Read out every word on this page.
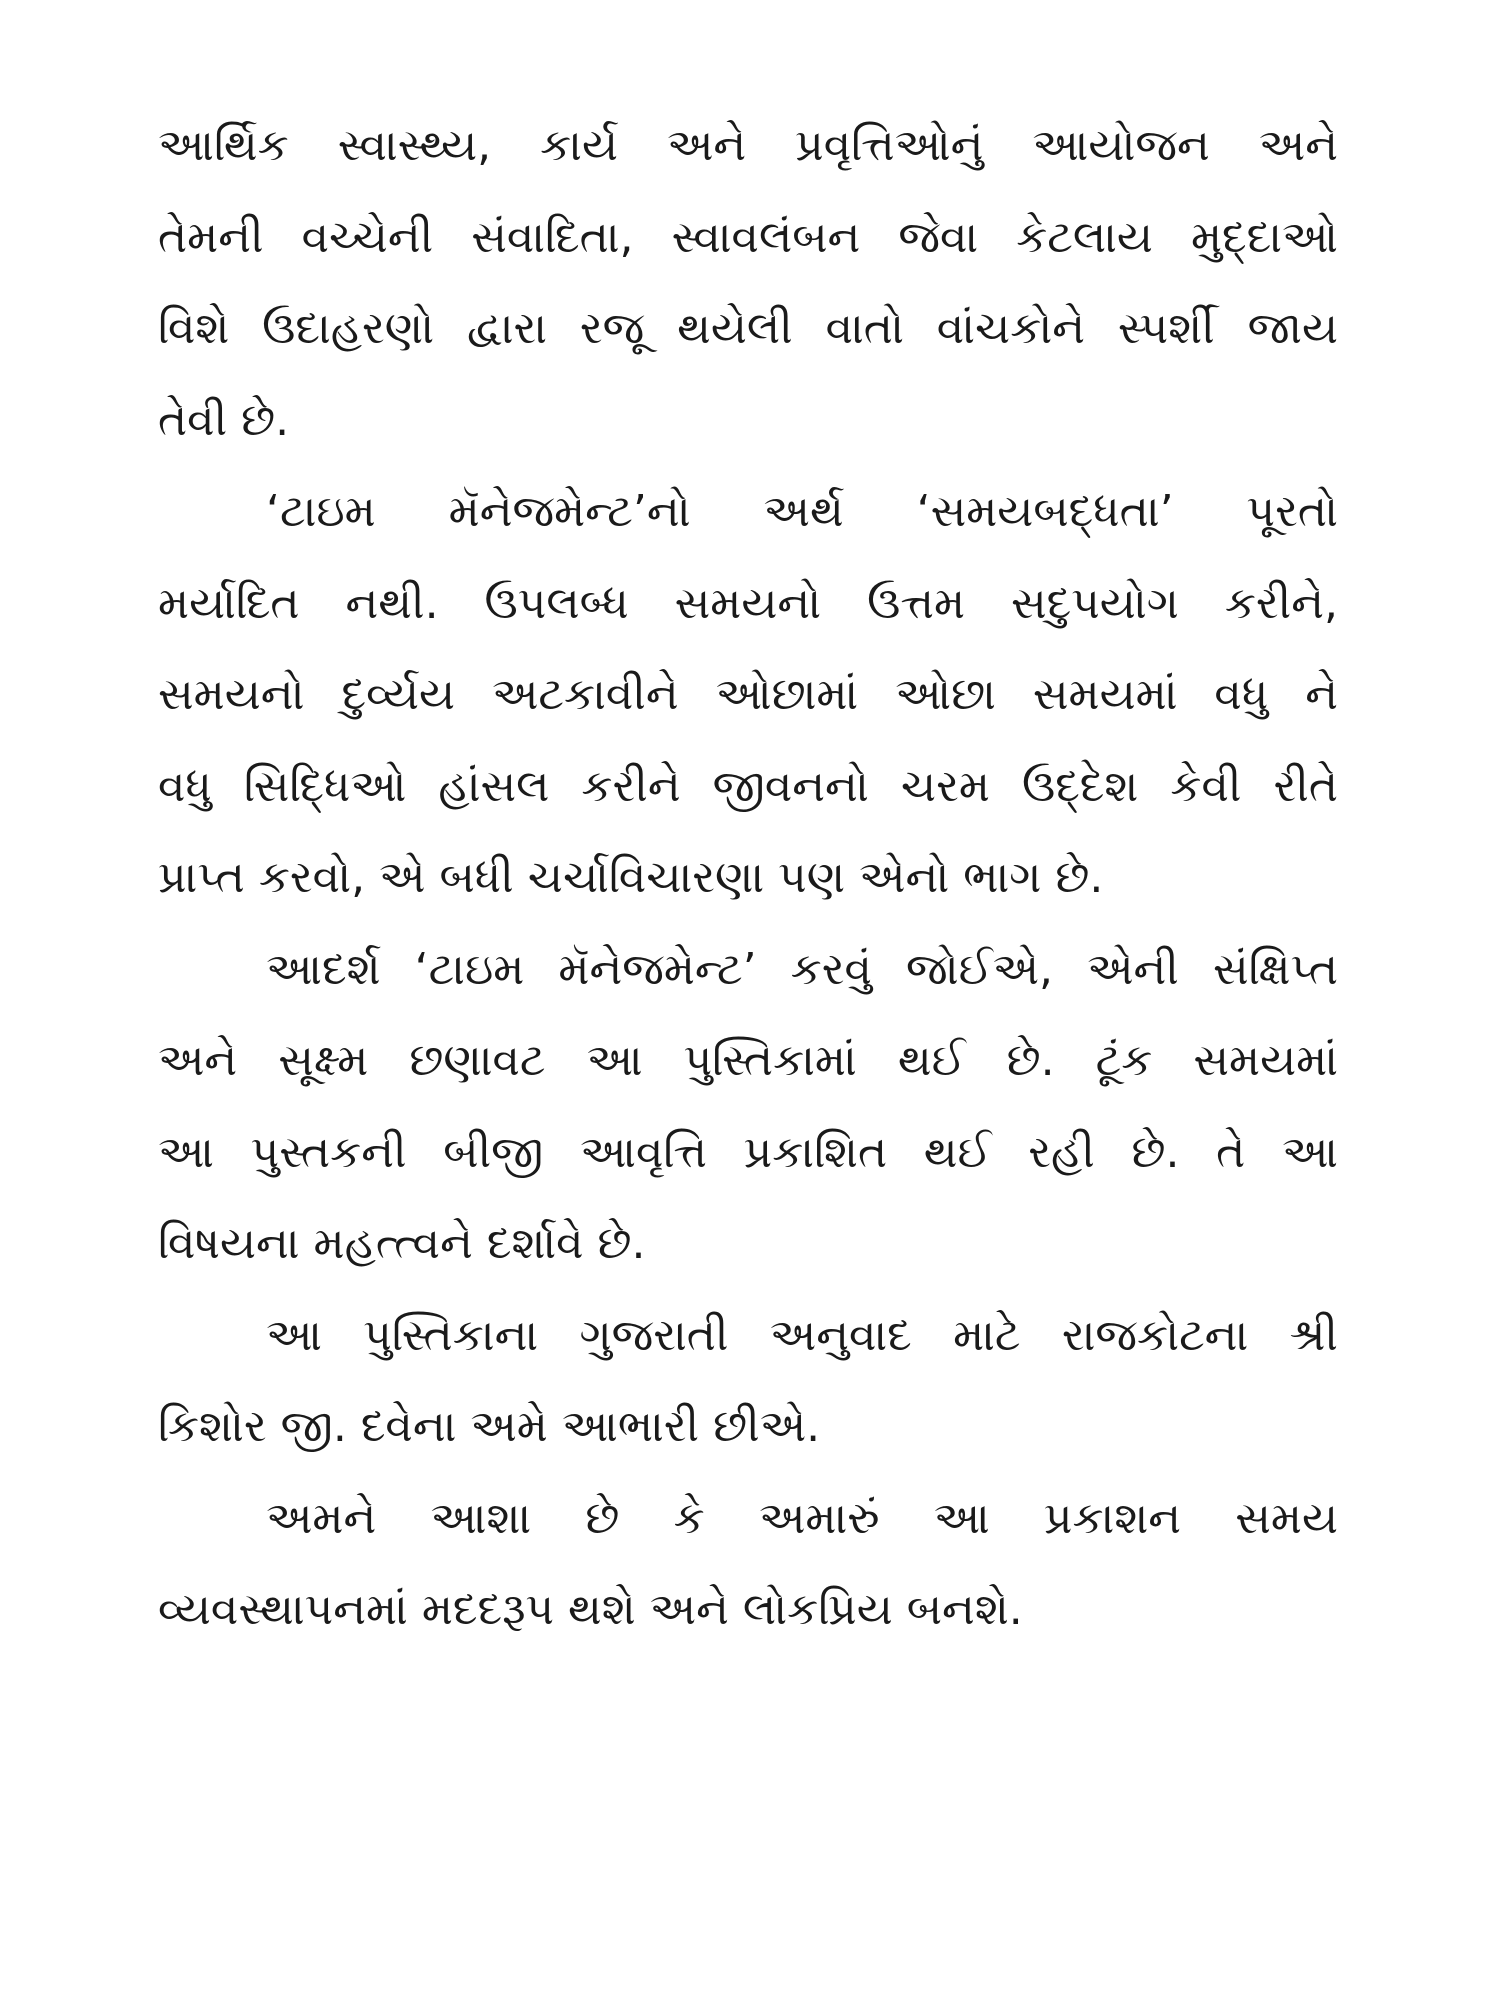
આર્થિક સ્વાસ્થ્ય, કાર્ય અને પ્રવૃત્તિઓનું આયોજન અને
તેમની વચ્ચેની સંવાદિતા, સ્વાવલંબન જેવા કેટલાય મુદ્દાઓ
વિશે ઉદાહરણો દ્વારા રજૂ થયેલી વાતો વાંચકોને સ્પર્શી જાય
તેવી છે.

‘ટાઇમ મૅનેજમેન્ટ’નો અર્થ ‘સમયબદ્ધતા’ પૂરતો
મર્યાદિત નથી. ઉપલબ્ધ સમયનો ઉત્તમ સદુપયોગ કરીને,
સમયનો દુર્વ્યય અટકાવીને ઓછામાં ઓછા સમયમાં વધુ ને
વધુ સિદ્ધિઓ હાંસલ કરીને જીવનનો ચરમ ઉદ્દેશ કેવી રીતે
પ્રાપ્ત કરવો, એ બધી ચર્ચાવિચારણા પણ એનો ભાગ છે.

આદર્શ ‘ટાઇમ મૅનેજમેન્ટ’ કરવું જોઈએ, એની સંક્ષિપ્ત
અને સૂક્ષ્મ છણાવટ આ પુસ્તિકામાં થઈ છે. ટૂંક સમયમાં
આ પુસ્તકની બીજી આવૃત્તિ પ્રકાશિત થઈ રહી છે. તે આ
વિષયના મહત્ત્વને દર્શાવે છે.

આ પુસ્તિકાના ગુજરાતી અનુવાદ માટે રાજકોટના શ્રી
કિશોર જી. દવેના અમે આભારી છીએ.

અમને આશા છે કે અમારું આ પ્રકાશન સમય
વ્યવસ્થાપનમાં મદદરૂપ થશે અને લોકપ્રિય બનશે.
